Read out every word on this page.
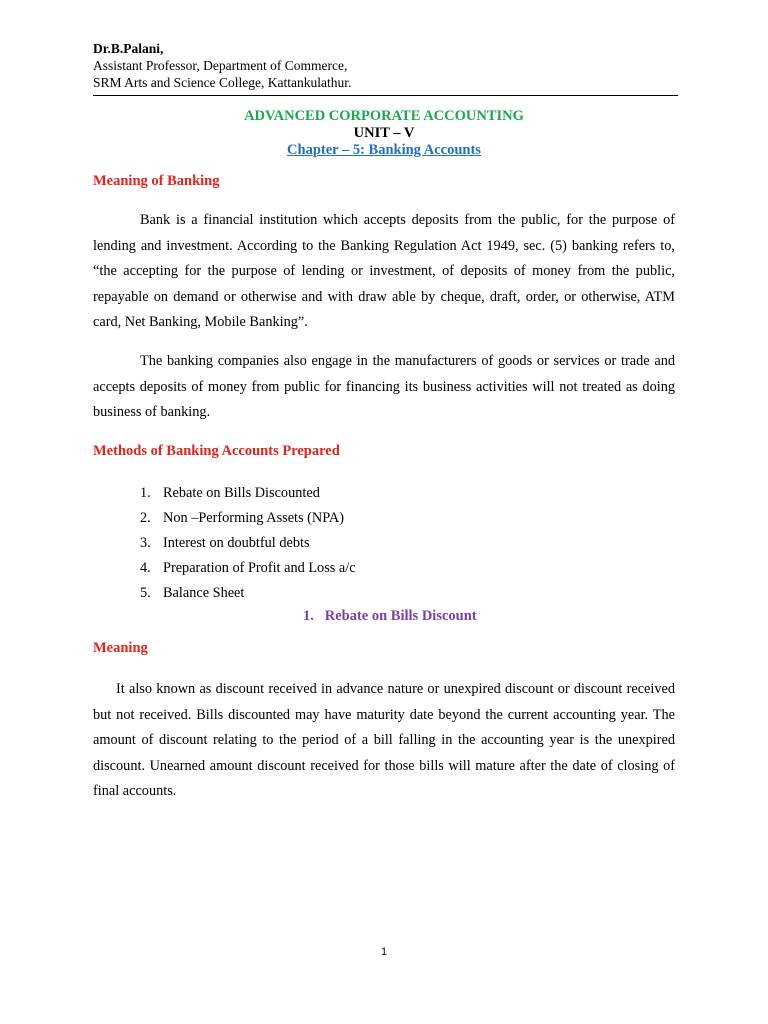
Dr.B.Palani,
Assistant Professor, Department of Commerce,
SRM Arts and Science College, Kattankulathur.
ADVANCED CORPORATE ACCOUNTING
UNIT – V
Chapter – 5: Banking Accounts
Meaning of Banking
Bank is a financial institution which accepts deposits from the public, for the purpose of lending and investment. According to the Banking Regulation Act 1949, sec. (5) banking refers to, “the accepting for the purpose of lending or investment, of deposits of money from the public, repayable on demand or otherwise and with draw able by cheque, draft, order, or otherwise, ATM card, Net Banking, Mobile Banking”.
The banking companies also engage in the manufacturers of goods or services or trade and accepts deposits of money from public for financing its business activities will not treated as doing business of banking.
Methods of Banking Accounts Prepared
1. Rebate on Bills Discounted
2. Non –Performing Assets (NPA)
3. Interest on doubtful debts
4. Preparation of Profit and Loss a/c
5. Balance Sheet
1.   Rebate on Bills Discount
Meaning
It also known as discount received in advance nature or unexpired discount or discount received but not received. Bills discounted may have maturity date beyond the current accounting year. The amount of discount relating to the period of a bill falling in the accounting year is the unexpired discount. Unearned amount discount received for those bills will mature after the date of closing of final accounts.
1
